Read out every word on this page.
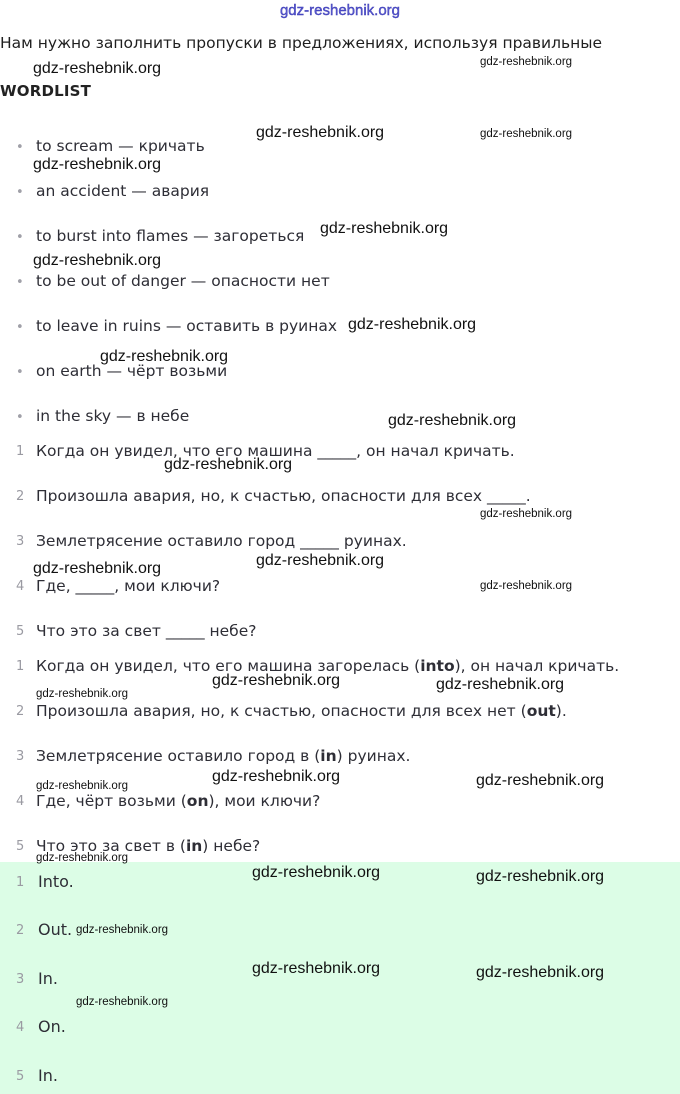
gdz-reshebnik.org
Нам нужно заполнить пропуски в предложениях, используя правильные
WORDLIST
• to scream — кричать
• an accident — авария
• to burst into flames — загореться
• to be out of danger — опасности нет
• to leave in ruins — оставить в руинах
• on earth — чёрт возьми
• in the sky — в небе
1 Когда он увидел, что его машина _____, он начал кричать.
2 Произошла авария, но, к счастью, опасности для всех _____.
3 Землетрясение оставило город _____ руинах.
4 Где, _____, мои ключи?
5 Что это за свет _____ небе?
1 Когда он увидел, что его машина загорелась (into), он начал кричать.
2 Произошла авария, но, к счастью, опасности для всех нет (out).
3 Землетрясение оставило город в (in) руинах.
4 Где, чёрт возьми (on), мои ключи?
5 Что это за свет в (in) небе?
1 Into.
2 Out.
3 In.
4 On.
5 In.
gdz-reshebnik.org	gdz-reshebnik.org
gdz-reshebnik.org	gdz-reshebnik.org
gdz-reshebnik.org
gdz-reshebnik.org
gdz-reshebnik.org
gdz-reshebnik.org
gdz-reshebnik.org
gdz-reshebnik.org
gdz-reshebnik.org
gdz-reshebnik.org
gdz-reshebnik.org
gdz-reshebnik.org
gdz-reshebnik.org
gdz-reshebnik.org	gdz-reshebnik.org
gdz-reshebnik.org
gdz-reshebnik.org	gdz-reshebnik.org
gdz-reshebnik.org
gdz-reshebnik.org
gdz-reshebnik.org	gdz-reshebnik.org
gdz-reshebnik.org
gdz-reshebnik.org	gdz-reshebnik.org
gdz-reshebnik.org
